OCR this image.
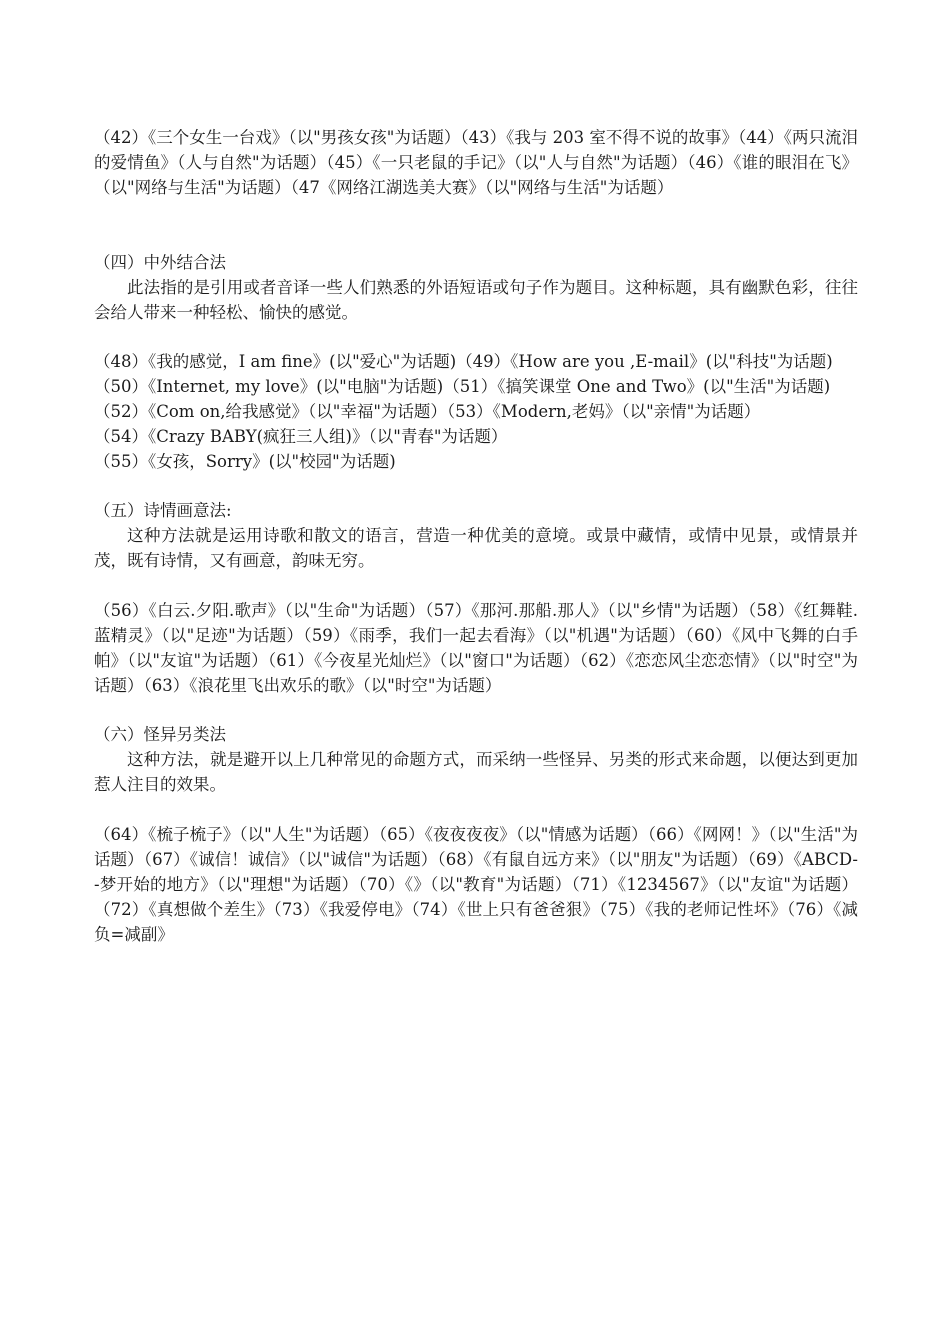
（42）《三个女生一台戏》（以"男孩女孩"为话题）（43）《我与 203 室不得不说的故事》（44）《两只流泪的爱情鱼》（人与自然"为话题）（45）《一只老鼠的手记》（以"人与自然"为话题）（46）《谁的眼泪在飞》（以"网络与生活"为话题）（47《网络江湖选美大赛》（以"网络与生活"为话题）

（四）中外结合法

此法指的是引用或者音译一些人们熟悉的外语短语或句子作为题目。这种标题，具有幽默色彩，往往会给人带来一种轻松、愉快的感觉。

（48）《我的感觉，I am fine》(以"爱心"为话题)（49）《How are you ,E-mail》(以"科技"为话题)
（50）《Internet, my love》(以"电脑"为话题)（51）《搞笑课堂 One and Two》(以"生活"为话题)
（52）《Com on,给我感觉》（以"幸福"为话题）（53）《Modern,老妈》（以"亲情"为话题）
（54）《Crazy BABY(疯狂三人组)》（以"青春"为话题）
（55）《女孩，Sorry》(以"校园"为话题)

（五）诗情画意法:

这种方法就是运用诗歌和散文的语言，营造一种优美的意境。或景中藏情，或情中见景，或情景并茂，既有诗情，又有画意，韵味无穷。

（56）《白云.夕阳.歌声》（以"生命"为话题）（57）《那河.那船.那人》（以"乡情"为话题）（58）《红舞鞋.蓝精灵》（以"足迹"为话题）（59）《雨季，我们一起去看海》（以"机遇"为话题）（60）《风中飞舞的白手帕》（以"友谊"为话题）（61）《今夜星光灿烂》（以"窗口"为话题）（62）《恋恋风尘恋恋情》（以"时空"为话题）（63）《浪花里飞出欢乐的歌》（以"时空"为话题）

（六）怪异另类法

这种方法，就是避开以上几种常见的命题方式，而采纳一些怪异、另类的形式来命题，以便达到更加惹人注目的效果。

（64）《梳子梳子》（以"人生"为话题）（65）《夜夜夜夜》（以"情感为话题）（66）《网网！》（以"生活"为话题）（67）《诚信！诚信》（以"诚信"为话题）（68）《有鼠自远方来》（以"朋友"为话题）（69）《ABCD--梦开始的地方》（以"理想"为话题）（70）《》（以"教育"为话题）（71）《1234567》（以"友谊"为话题）（72）《真想做个差生》（73）《我爱停电》（74）《世上只有爸爸狠》（75）《我的老师记性坏》（76）《减负=减副》
